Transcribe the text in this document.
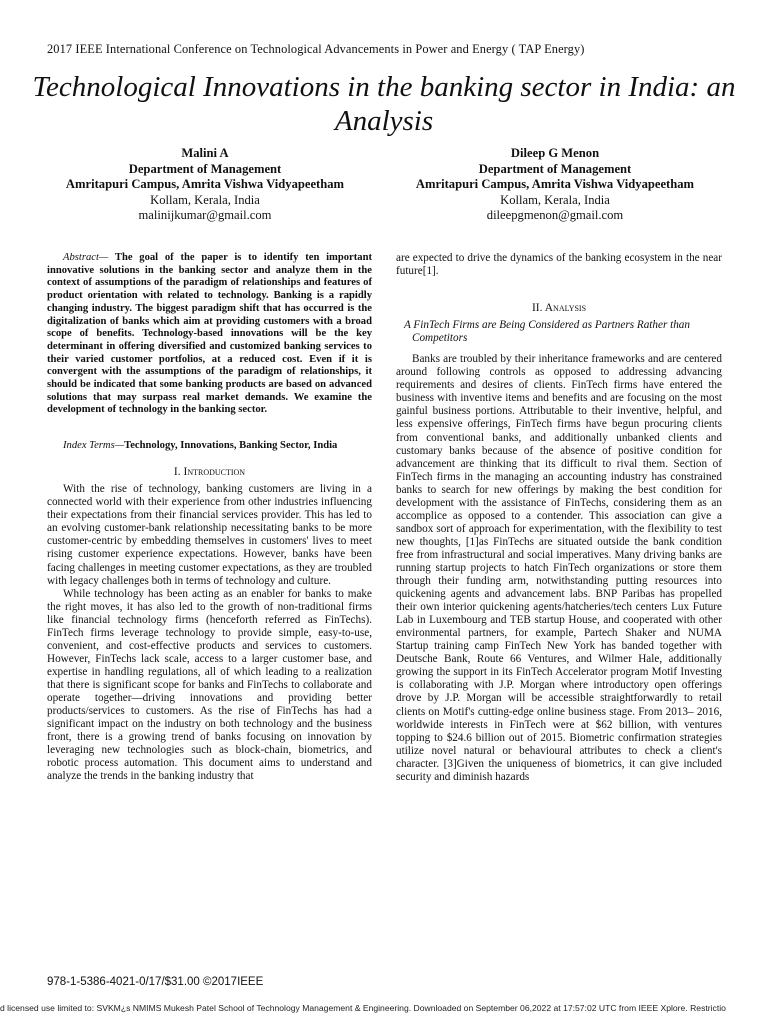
2017 IEEE International Conference on Technological Advancements in Power and Energy ( TAP Energy)
Technological Innovations in the banking sector in India: an Analysis
Malini A
Department of Management
Amritapuri Campus, Amrita Vishwa Vidyapeetham
Kollam, Kerala, India
malinijkumar@gmail.com
Dileep G Menon
Department of Management
Amritapuri Campus, Amrita Vishwa Vidyapeetham
Kollam, Kerala, India
dileepgmenon@gmail.com

Abstract— The goal of the paper is to identify ten important innovative solutions in the banking sector and analyze them in the context of assumptions of the paradigm of relationships and features of product orientation with related to technology. Banking is a rapidly changing industry. The biggest paradigm shift that has occurred is the digitalization of banks which aim at providing customers with a broad scope of benefits. Technology-based innovations will be the key determinant in offering diversified and customized banking services to their varied customer portfolios, at a reduced cost. Even if it is convergent with the assumptions of the paradigm of relationships, it should be indicated that some banking products are based on advanced solutions that may surpass real market demands. We examine the development of technology in the banking sector.

Index Terms—Technology, Innovations, Banking Sector, India

I. Introduction

With the rise of technology, banking customers are living in a connected world with their experience from other industries influencing their expectations from their financial services provider. This has led to an evolving customer-bank relationship necessitating banks to be more customer-centric by embedding themselves in customers' lives to meet rising customer experience expectations. However, banks have been facing challenges in meeting customer expectations, as they are troubled with legacy challenges both in terms of technology and culture.

While technology has been acting as an enabler for banks to make the right moves, it has also led to the growth of non-traditional firms like financial technology firms (henceforth referred as FinTechs). FinTech firms leverage technology to provide simple, easy-to-use, convenient, and cost-effective products and services to customers. However, FinTechs lack scale, access to a larger customer base, and expertise in handling regulations, all of which leading to a realization that there is significant scope for banks and FinTechs to collaborate and operate together—driving innovations and providing better products/services to customers. As the rise of FinTechs has had a significant impact on the industry on both technology and the business front, there is a growing trend of banks focusing on innovation by leveraging new technologies such as block-chain, biometrics, and robotic process automation. This document aims to understand and analyze the trends in the banking industry that

are expected to drive the dynamics of the banking ecosystem in the near future[1].

II. Analysis

A FinTech Firms are Being Considered as Partners Rather than Competitors

Banks are troubled by their inheritance frameworks and are centered around following controls as opposed to addressing advancing requirements and desires of clients. FinTech firms have entered the business with inventive items and benefits and are focusing on the most gainful business portions. Attributable to their inventive, helpful, and less expensive offerings, FinTech firms have begun procuring clients from conventional banks, and additionally unbanked clients and customary banks because of the absence of positive condition for advancement are thinking that its difficult to rival them. Section of FinTech firms in the managing an accounting industry has constrained banks to search for new offerings by making the best condition for development with the assistance of FinTechs, considering them as an accomplice as opposed to a contender. This association can give a sandbox sort of approach for experimentation, with the flexibility to test new thoughts, [1]as FinTechs are situated outside the bank condition free from infrastructural and social imperatives. Many driving banks are running startup projects to hatch FinTech organizations or store them through their funding arm, notwithstanding putting resources into quickening agents and advancement labs. BNP Paribas has propelled their own interior quickening agents/hatcheries/tech centers Lux Future Lab in Luxembourg and TEB startup House, and cooperated with other environmental partners, for example, Partech Shaker and NUMA Startup training camp FinTech New York has banded together with Deutsche Bank, Route 66 Ventures, and Wilmer Hale, additionally growing the support in its FinTech Accelerator program Motif Investing is collaborating with J.P. Morgan where introductory open offerings drove by J.P. Morgan will be accessible straightforwardly to retail clients on Motif's cutting-edge online business stage. From 2013– 2016, worldwide interests in FinTech were at $62 billion, with ventures topping to $24.6 billion out of 2015. Biometric confirmation strategies utilize novel natural or behavioural attributes to check a client's character. [3]Given the uniqueness of biometrics, it can give included security and diminish hazards

978-1-5386-4021-0/17/$31.00 ©2017IEEE
d licensed use limited to: SVKM¿s NMIMS Mukesh Patel School of Technology Management & Engineering. Downloaded on September 06,2022 at 17:57:02 UTC from IEEE Xplore. Restrictio
